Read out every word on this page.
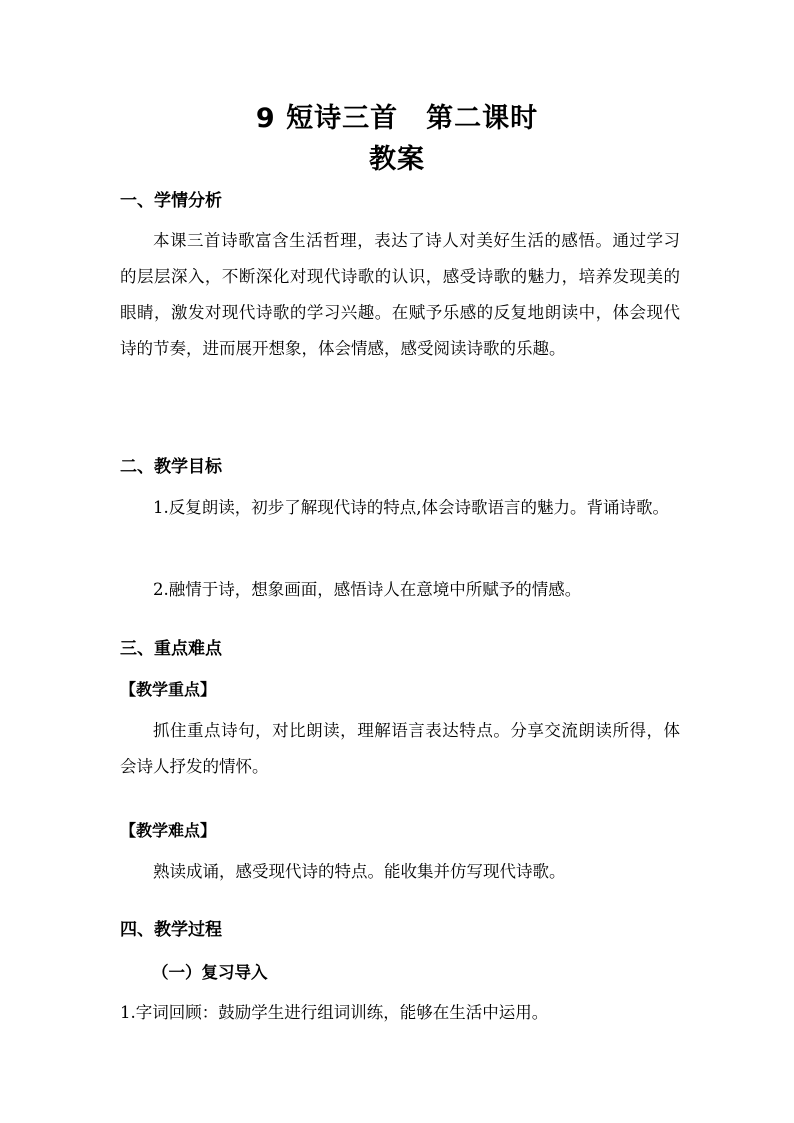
9 短诗三首 第二课时
教案
一、学情分析
本课三首诗歌富含生活哲理，表达了诗人对美好生活的感悟。通过学习的层层深入，不断深化对现代诗歌的认识，感受诗歌的魅力，培养发现美的眼睛，激发对现代诗歌的学习兴趣。在赋予乐感的反复地朗读中，体会现代诗的节奏，进而展开想象，体会情感，感受阅读诗歌的乐趣。
二、教学目标
1.反复朗读，初步了解现代诗的特点,体会诗歌语言的魅力。背诵诗歌。
2.融情于诗，想象画面，感悟诗人在意境中所赋予的情感。
三、重点难点
【教学重点】
抓住重点诗句，对比朗读，理解语言表达特点。分享交流朗读所得，体会诗人抒发的情怀。
【教学难点】
熟读成诵，感受现代诗的特点。能收集并仿写现代诗歌。
四、教学过程
（一）复习导入
1.字词回顾：鼓励学生进行组词训练，能够在生活中运用。
